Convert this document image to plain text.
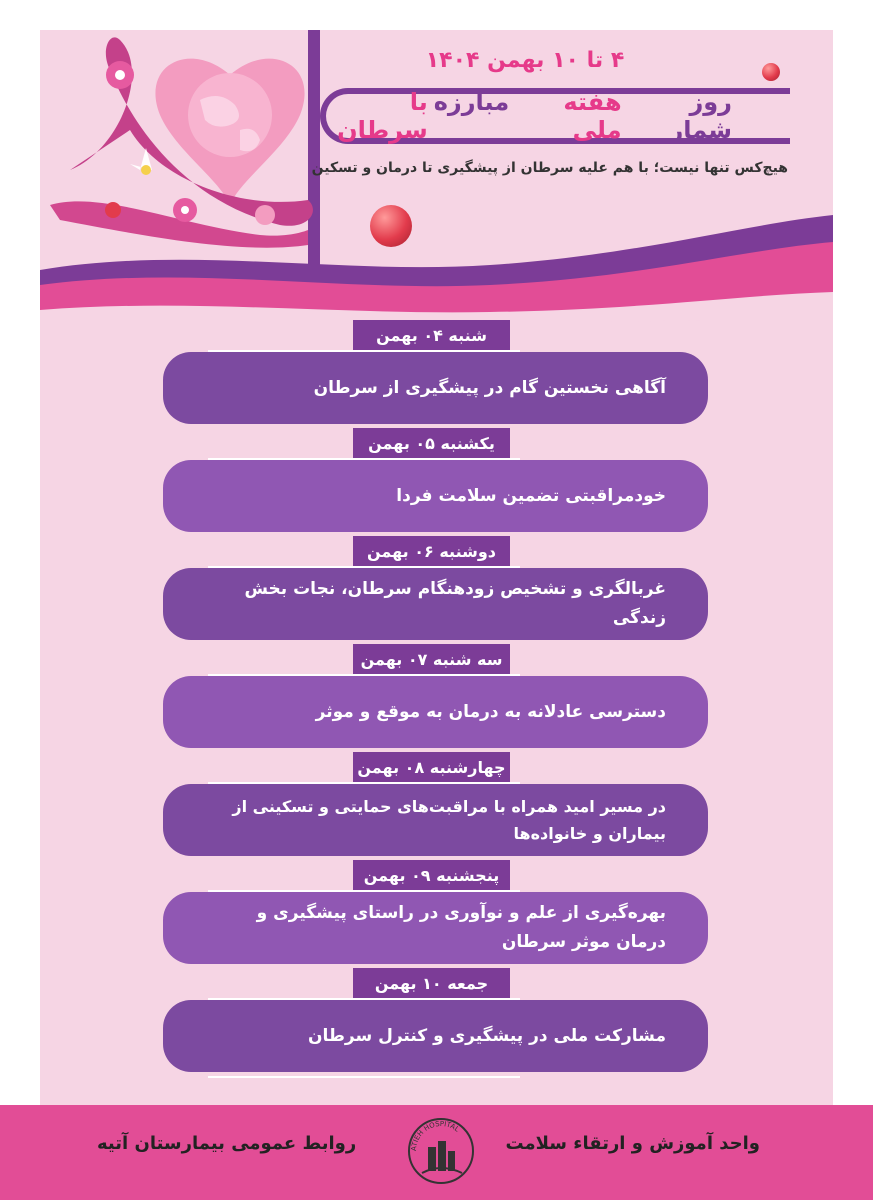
۴ تا ۱۰ بهمن ۱۴۰۴
روز شمار
هفته ملی
مبارزه
با سرطان
هیچ‌کس تنها نیست؛ با هم علیه سرطان از پیشگیری تا درمان و تسکین
شنبه ۰۴ بهمن
آگاهی نخستین گام در پیشگیری از سرطان
یکشنبه ۰۵ بهمن
خودمراقبتی تضمین سلامت فردا
دوشنبه ۰۶ بهمن
غربالگری و تشخیص زودهنگام سرطان، نجات بخش زندگی
سه شنبه ۰۷ بهمن
دسترسی عادلانه به درمان به موقع و موثر
چهارشنبه ۰۸ بهمن
در مسیر امید همراه با مراقبت‌های حمایتی و تسکینی از بیماران و خانواده‌ها
پنجشنبه ۰۹ بهمن
بهره‌گیری از علم و نوآوری در راستای پیشگیری و درمان موثر سرطان
جمعه ۱۰ بهمن
مشارکت ملی در پیشگیری و کنترل سرطان
واحد آموزش و ارتقاء سلامت
ATIEH HOSPITAL
روابط عمومی بیمارستان آتیه
